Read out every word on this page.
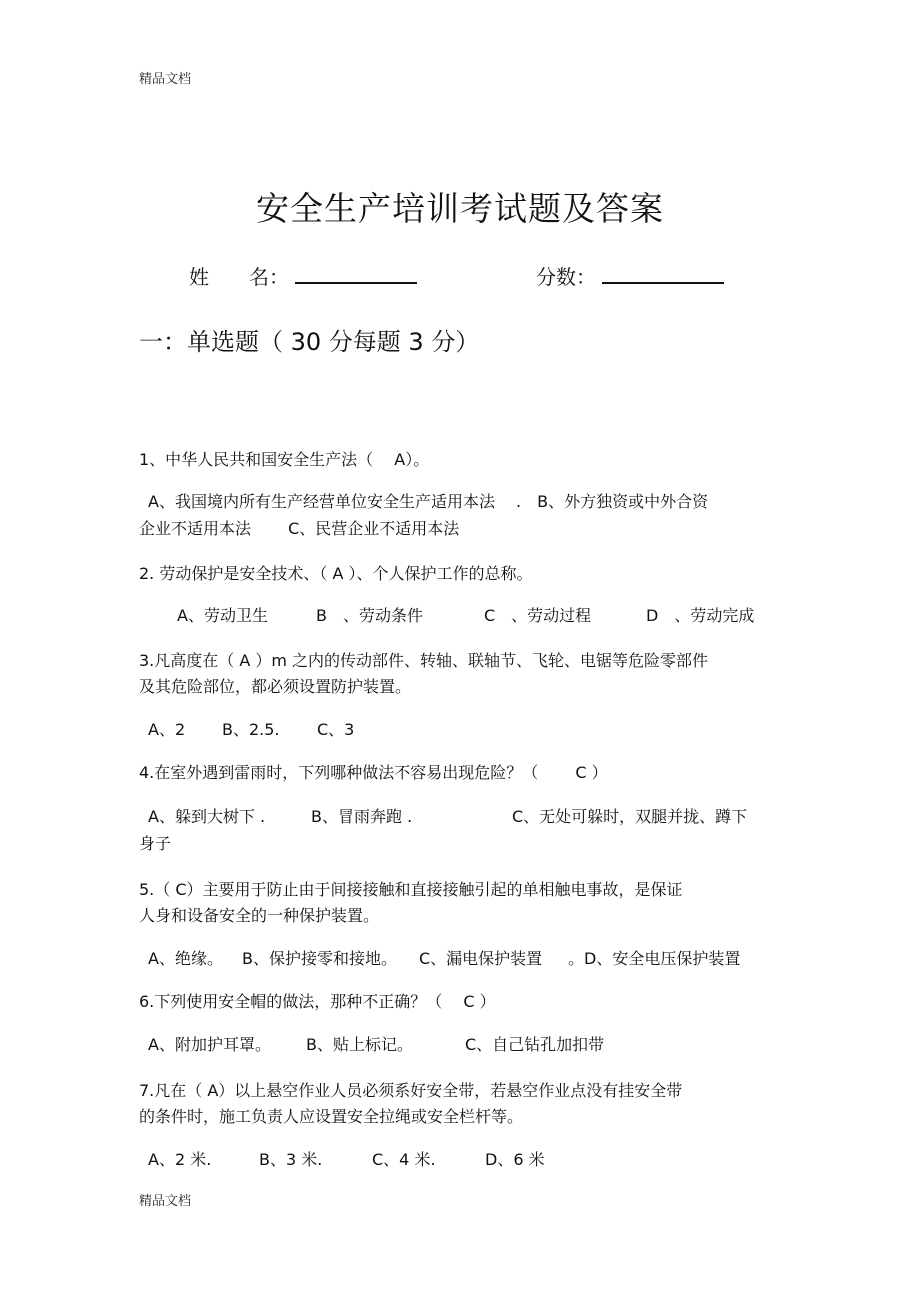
精品文档
安全生产培训考试题及答案
姓　　名：	分数：
一：单选题（ 30 分每题 3 分）
1、中华人民共和国安全生产法（　 A）。
A、我国境内所有生产经营单位安全生产适用本法　 .　B、外方独资或中外合资
企业不适用本法　　 C、民营企业不适用本法
2. 劳动保护是安全技术、（ A ）、个人保护工作的总称。
A、劳动卫生	B　、劳动条件	C　、劳动过程	D　、劳动完成
3.凡高度在（ A ）m 之内的传动部件、转轴、联轴节、飞轮、电锯等危险零部件
及其危险部位，都必须设置防护装置。
A、2 B、2.5. C、3
4.在室外遇到雷雨时，下列哪种做法不容易出现危险？（　　 C ）
A、躲到大树下 .	B、冒雨奔跑 .	C、无处可躲时，双腿并拢、蹲下
身子
5.（ C）主要用于防止由于间接接触和直接接触引起的单相触电事故，是保证
人身和设备安全的一种保护装置。
A、绝缘。 B、保护接零和接地。 C、漏电保护装置 。D、安全电压保护装置
6.下列使用安全帽的做法，那种不正确？（　 C ）
A、附加护耳罩。 B、贴上标记。	C、自己钻孔加扣带
7.凡在（ A）以上悬空作业人员必须系好安全带，若悬空作业点没有挂安全带
的条件时，施工负责人应设置安全拉绳或安全栏杆等。
A、2 米.	B、3 米.	C、4 米.	D、6 米
精品文档
